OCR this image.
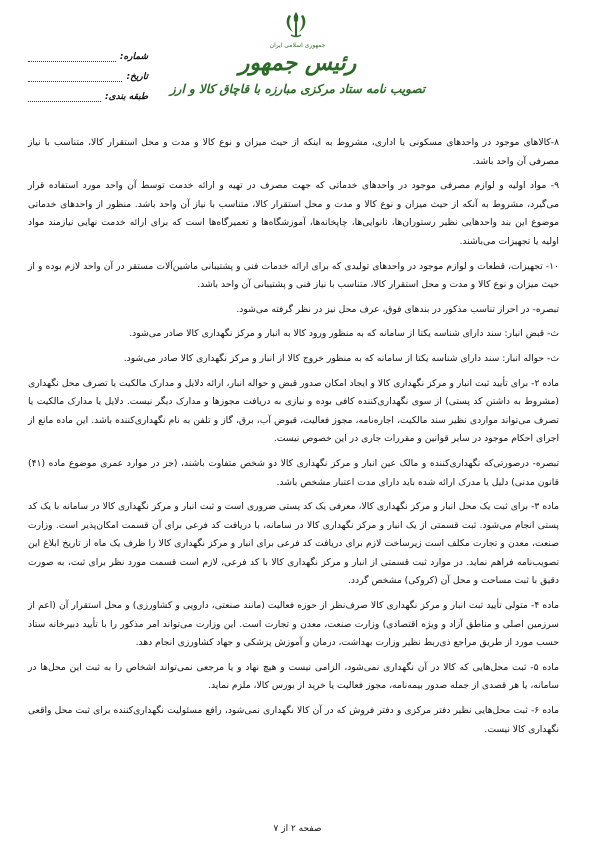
جمهوری اسلامی ایران
رئیس جمهور
تصویب نامه ستاد مرکزی مبارزه با قاچاق کالا و ارز
شماره:
تاریخ:
طبقه بندی:

۸-کالاهای موجود در واحدهای مسکونی یا اداری، مشروط به اینکه از حیث میزان و نوع کالا و مدت و محل استقرار کالا، متناسب با نیاز مصرفی آن واحد باشد.

۹- مواد اولیه و لوازم مصرفی موجود در واحدهای خدماتی که جهت مصرف در تهیه و ارائه خدمت توسط آن واحد مورد استفاده قرار می‌گیرد، مشروط به آنکه از حیث میزان و نوع کالا و مدت و محل استقرار کالا، متناسب با نیاز آن واحد باشد. منظور از واحدهای خدماتی موضوع این بند واحدهایی نظیر رستوران‌ها، نانوایی‌ها، چاپخانه‌ها، آموزشگاه‌ها و تعمیرگاه‌ها است که برای ارائه خدمت نهایی نیازمند مواد اولیه یا تجهیزات می‌باشند.

۱۰- تجهیزات، قطعات و لوازم موجود در واحدهای تولیدی که برای ارائه خدمات فنی و پشتیبانی ماشین‌آلات مستقر در آن واحد لازم بوده و از حیث میزان و نوع کالا و مدت و محل استقرار کالا، متناسب با نیاز فنی و پشتیبانی آن واحد باشد.

تبصره- در احراز تناسب مذکور در بندهای فوق، عرف محل نیز در نظر گرفته می‌شود.

ث- قبض انبار: سند دارای شناسه یکتا از سامانه که به منظور ورود کالا به انبار و مرکز نگهداری کالا صادر می‌شود.

ث- حواله انبار: سند دارای شناسه یکتا از سامانه که به منظور خروج کالا از انبار و مرکز نگهداری کالا صادر می‌شود.

ماده ۲- برای تأیید ثبت انبار و مرکز نگهداری کالا و ایجاد امکان صدور قبض و حواله انبار، ارائه دلایل و مدارک مالکیت یا تصرف محل نگهداری (مشروط به داشتن کد پستی) از سوی نگهداری‌کننده کافی بوده و نیازی به دریافت مجوزها و مدارک دیگر نیست. دلایل یا مدارک مالکیت یا تصرف می‌تواند مواردی نظیر سند مالکیت، اجاره‌نامه، مجوز فعالیت، قبوض آب، برق، گاز و تلفن به نام نگهداری‌کننده باشد. این ماده مانع از اجرای احکام موجود در سایر قوانین و مقررات جاری در این خصوص نیست.

تبصره- درصورتی‌که نگهداری‌کننده و مالک عین انبار و مرکز نگهداری کالا دو شخص متفاوت باشند، (جز در موارد عمری موضوع ماده (۴۱) قانون مدنی) دلیل یا مدرک ارائه شده باید دارای مدت اعتبار مشخص باشد.

ماده ۳- برای ثبت یک محل انبار و مرکز نگهداری کالا، معرفی یک کد پستی ضروری است و ثبت انبار و مرکز نگهداری کالا در سامانه با یک کد پستی انجام می‌شود. ثبت قسمتی از یک انبار و مرکز نگهداری کالا در سامانه، با دریافت کد فرعی برای آن قسمت امکان‌پذیر است. وزارت صنعت، معدن و تجارت مکلف است زیرساخت لازم برای دریافت کد فرعی برای انبار و مرکز نگهداری کالا را ظرف یک ماه از تاریخ ابلاغ این تصویب‌نامه فراهم نماید. در موارد ثبت قسمتی از انبار و مرکز نگهداری کالا با کد فرعی، لازم است قسمت مورد نظر برای ثبت، به صورت دقیق با ثبت مساحت و محل آن (کروکی) مشخص گردد.

ماده ۴- متولی تأیید ثبت انبار و مرکز نگهداری کالا صرف‌نظر از حوزه فعالیت (مانند صنعتی، دارویی و کشاورزی) و محل استقرار آن (اعم از سرزمین اصلی و مناطق آزاد و ویژه اقتصادی) وزارت صنعت، معدن و تجارت است. این وزارت می‌تواند امر مذکور را با تأیید دبیرخانه ستاد حسب مورد از طریق مراجع ذی‌ربط نظیر وزارت بهداشت، درمان و آموزش پزشکی و جهاد کشاورزی انجام دهد.

ماده ۵- ثبت محل‌هایی که کالا در آن نگهداری نمی‌شود، الزامی نیست و هیچ نهاد و یا مرجعی نمی‌تواند اشخاص را به ثبت این محل‌ها در سامانه، یا هر قصدی از جمله صدور بیمه‌نامه، مجوز فعالیت یا خرید از بورس کالا، ملزم نماید.

ماده ۶- ثبت محل‌هایی نظیر دفتر مرکزی و دفتر فروش که در آن کالا نگهداری نمی‌شود، رافع مسئولیت نگهداری‌کننده برای ثبت محل واقعی نگهداری کالا نیست.

صفحه ۲ از ۷
